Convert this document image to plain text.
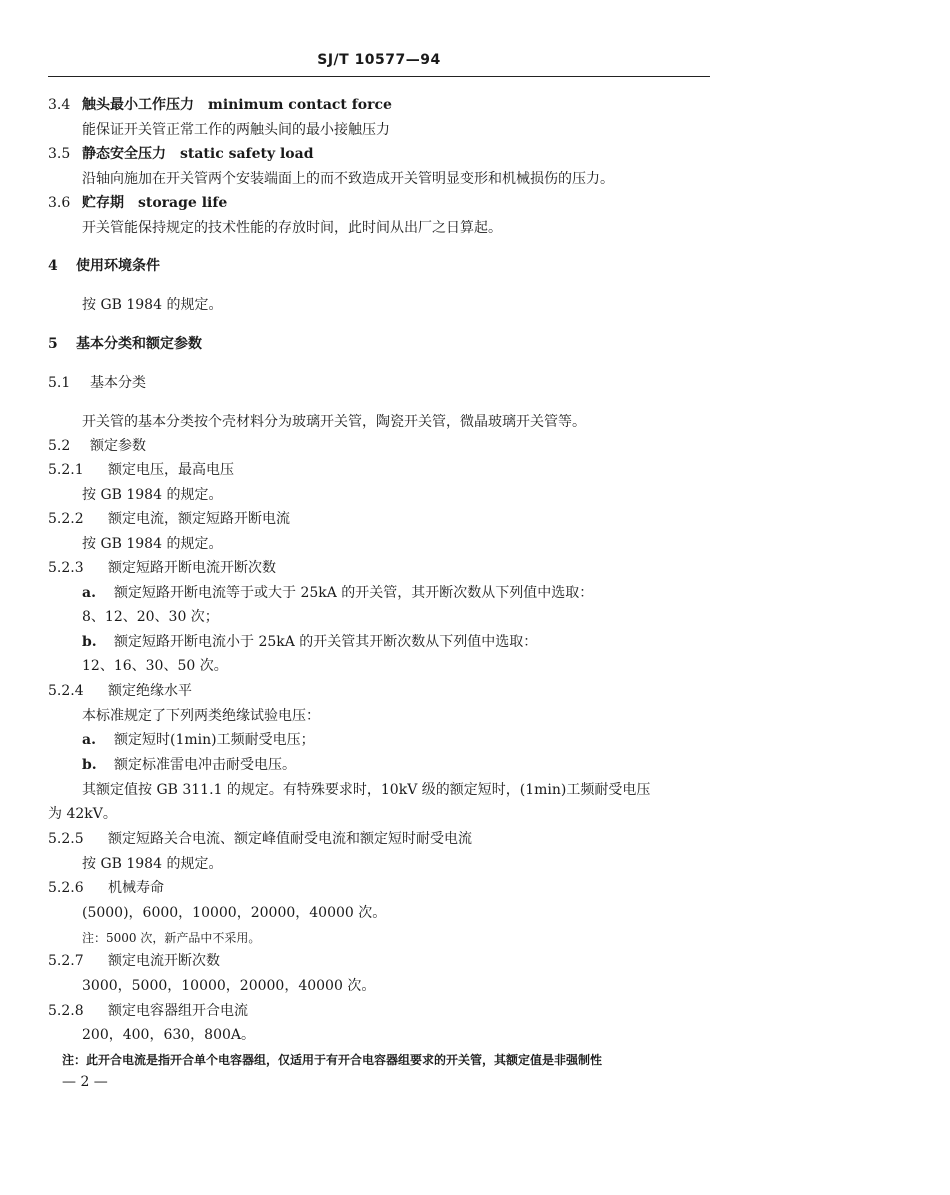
SJ/T 10577—94
3.4 触头最小工作压力　minimum contact force
能保证开关管正常工作的两触头间的最小接触压力
3.5 静态安全压力　static safety load
沿轴向施加在开关管两个安装端面上的而不致造成开关管明显变形和机械损伤的压力。
3.6 贮存期　storage life
开关管能保持规定的技术性能的存放时间，此时间从出厂之日算起。
4 使用环境条件
按 GB 1984 的规定。
5 基本分类和额定参数
5.1 基本分类
开关管的基本分类按个壳材料分为玻璃开关管，陶瓷开关管，微晶玻璃开关管等。
5.2 额定参数
5.2.1 额定电压，最高电压
按 GB 1984 的规定。
5.2.2 额定电流，额定短路开断电流
按 GB 1984 的规定。
5.2.3 额定短路开断电流开断次数
a. 额定短路开断电流等于或大于 25kA 的开关管，其开断次数从下列值中选取：
8、12、20、30 次；
b. 额定短路开断电流小于 25kA 的开关管其开断次数从下列值中选取：
12、16、30、50 次。
5.2.4 额定绝缘水平
本标准规定了下列两类绝缘试验电压：
a. 额定短时(1min)工频耐受电压；
b. 额定标准雷电冲击耐受电压。
其额定值按 GB 311.1 的规定。有特殊要求时，10kV 级的额定短时，(1min)工频耐受电压
为 42kV。
5.2.5 额定短路关合电流、额定峰值耐受电流和额定短时耐受电流
按 GB 1984 的规定。
5.2.6 机械寿命
(5000)，6000，10000，20000，40000 次。
注：5000 次，新产品中不采用。
5.2.7 额定电流开断次数
3000，5000，10000，20000，40000 次。
5.2.8 额定电容器组开合电流
200，400，630，800A。
注：此开合电流是指开合单个电容器组，仅适用于有开合电容器组要求的开关管，其额定值是非强制性
— 2 —
